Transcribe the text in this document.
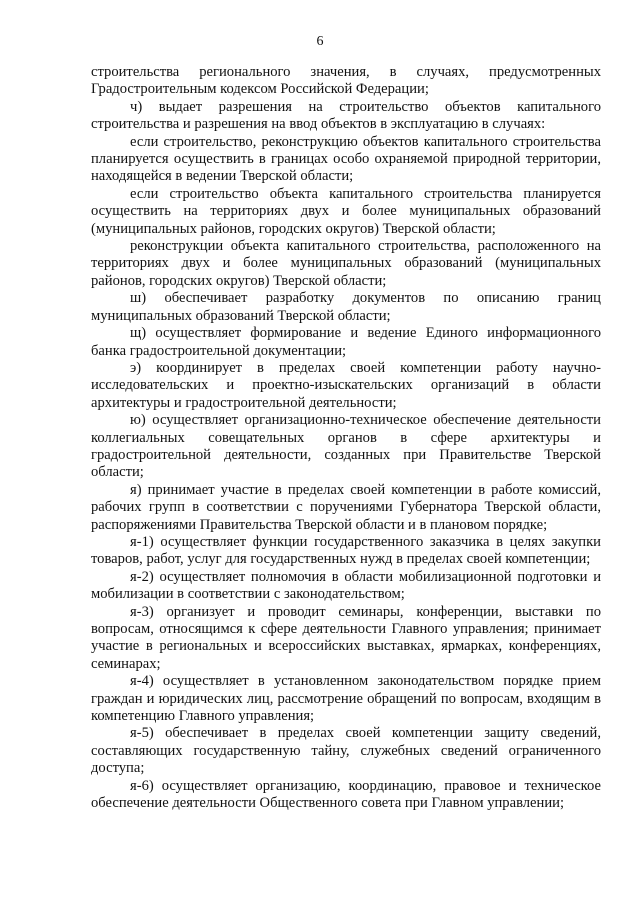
6

строительства регионального значения, в случаях, предусмотренных Градостроительным кодексом Российской Федерации;

ч) выдает разрешения на строительство объектов капитального строительства и разрешения на ввод объектов в эксплуатацию в случаях:

если строительство, реконструкцию объектов капитального строительства планируется осуществить в границах особо охраняемой природной территории, находящейся в ведении Тверской области;

если строительство объекта капитального строительства планируется осуществить на территориях двух и более муниципальных образований (муниципальных районов, городских округов) Тверской области;

реконструкции объекта капитального строительства, расположенного на территориях двух и более муниципальных образований (муниципальных районов, городских округов) Тверской области;

ш) обеспечивает разработку документов по описанию границ муниципальных образований Тверской области;

щ) осуществляет формирование и ведение Единого информационного банка градостроительной документации;

э) координирует в пределах своей компетенции работу научно-исследовательских и проектно-изыскательских организаций в области архитектуры и градостроительной деятельности;

ю) осуществляет организационно-техническое обеспечение деятельности коллегиальных совещательных органов в сфере архитектуры и градостроительной деятельности, созданных при Правительстве Тверской области;

я) принимает участие в пределах своей компетенции в работе комиссий, рабочих групп в соответствии с поручениями Губернатора Тверской области, распоряжениями Правительства Тверской области и в плановом порядке;

я-1) осуществляет функции государственного заказчика в целях закупки товаров, работ, услуг для государственных нужд в пределах своей компетенции;

я-2) осуществляет полномочия в области мобилизационной подготовки и мобилизации в соответствии с законодательством;

я-3) организует и проводит семинары, конференции, выставки по вопросам, относящимся к сфере деятельности Главного управления; принимает участие в региональных и всероссийских выставках, ярмарках, конференциях, семинарах;

я-4) осуществляет в установленном законодательством порядке прием граждан и юридических лиц, рассмотрение обращений по вопросам, входящим в компетенцию Главного управления;

я-5) обеспечивает в пределах своей компетенции защиту сведений, составляющих государственную тайну, служебных сведений ограниченного доступа;

я-6) осуществляет организацию, координацию, правовое и техническое обеспечение деятельности Общественного совета при Главном управлении;
